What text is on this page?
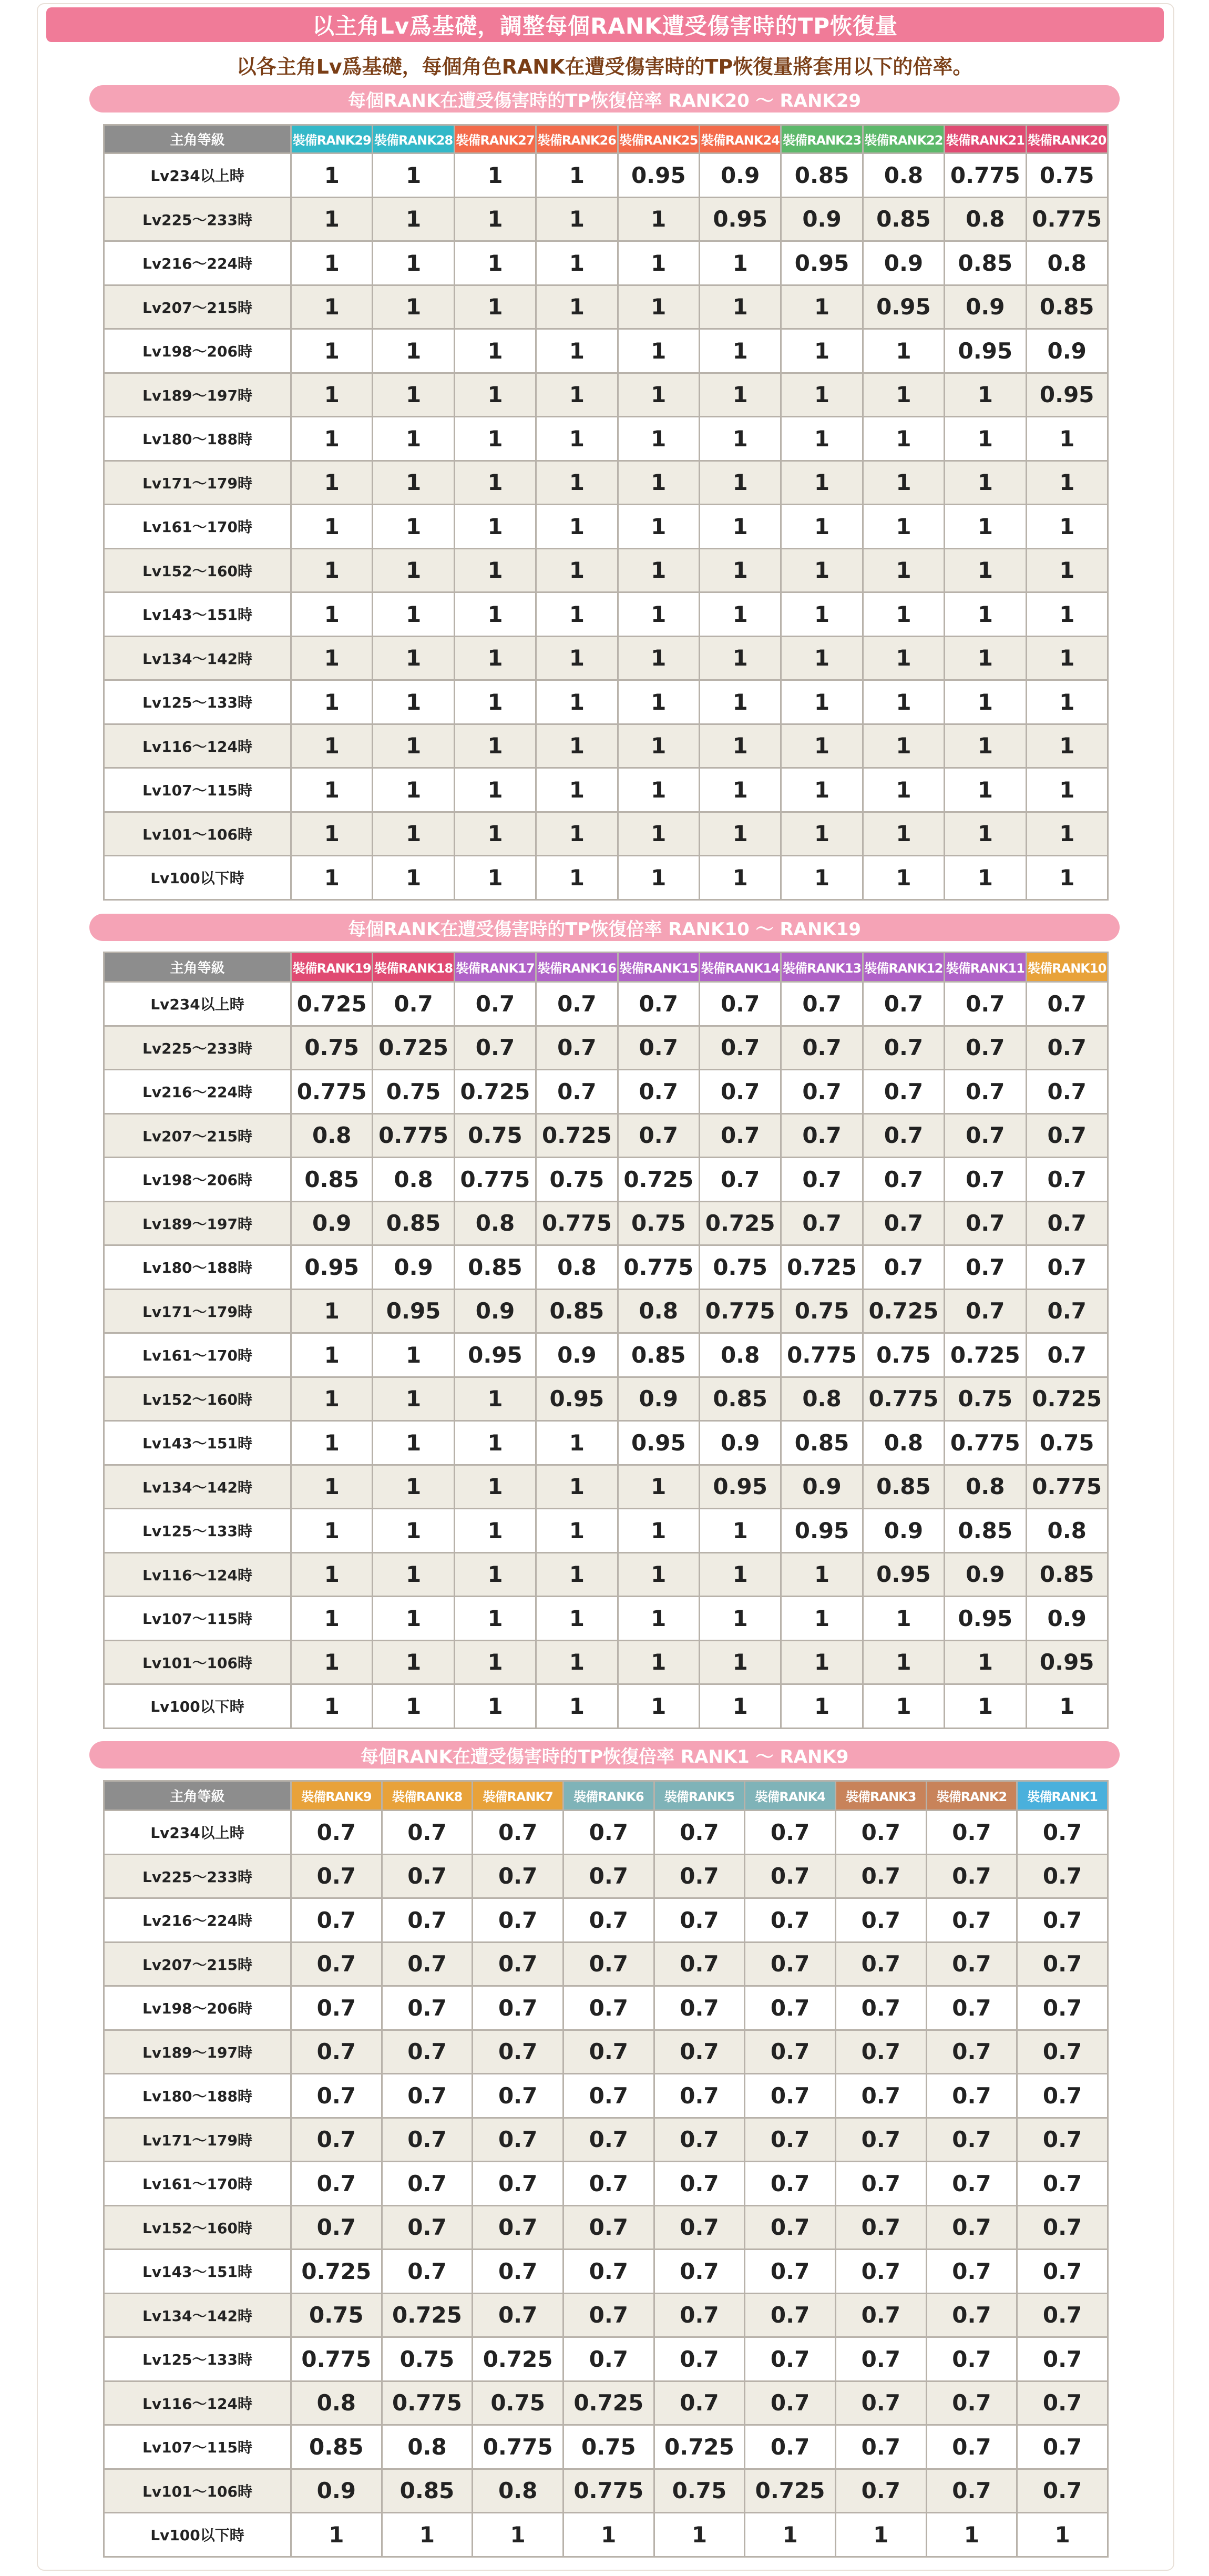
以主角Lv爲基礎，調整每個RANK遭受傷害時的TP恢復量
以各主角Lv爲基礎，每個角色RANK在遭受傷害時的TP恢復量將套用以下的倍率。
每個RANK在遭受傷害時的TP恢復倍率 RANK20 〜 RANK29
主角等級	裝備RANK29	裝備RANK28	裝備RANK27	裝備RANK26	裝備RANK25	裝備RANK24	裝備RANK23	裝備RANK22	裝備RANK21	裝備RANK20
Lv234以上時	1	1	1	1	0.95	0.9	0.85	0.8	0.775	0.75
Lv225〜233時	1	1	1	1	1	0.95	0.9	0.85	0.8	0.775
Lv216〜224時	1	1	1	1	1	1	0.95	0.9	0.85	0.8
Lv207〜215時	1	1	1	1	1	1	1	0.95	0.9	0.85
Lv198〜206時	1	1	1	1	1	1	1	1	0.95	0.9
Lv189〜197時	1	1	1	1	1	1	1	1	1	0.95
Lv180〜188時	1	1	1	1	1	1	1	1	1	1
Lv171〜179時	1	1	1	1	1	1	1	1	1	1
Lv161〜170時	1	1	1	1	1	1	1	1	1	1
Lv152〜160時	1	1	1	1	1	1	1	1	1	1
Lv143〜151時	1	1	1	1	1	1	1	1	1	1
Lv134〜142時	1	1	1	1	1	1	1	1	1	1
Lv125〜133時	1	1	1	1	1	1	1	1	1	1
Lv116〜124時	1	1	1	1	1	1	1	1	1	1
Lv107〜115時	1	1	1	1	1	1	1	1	1	1
Lv101〜106時	1	1	1	1	1	1	1	1	1	1
Lv100以下時	1	1	1	1	1	1	1	1	1	1
每個RANK在遭受傷害時的TP恢復倍率 RANK10 〜 RANK19
主角等級	裝備RANK19	裝備RANK18	裝備RANK17	裝備RANK16	裝備RANK15	裝備RANK14	裝備RANK13	裝備RANK12	裝備RANK11	裝備RANK10
Lv234以上時	0.725	0.7	0.7	0.7	0.7	0.7	0.7	0.7	0.7	0.7
Lv225〜233時	0.75	0.725	0.7	0.7	0.7	0.7	0.7	0.7	0.7	0.7
Lv216〜224時	0.775	0.75	0.725	0.7	0.7	0.7	0.7	0.7	0.7	0.7
Lv207〜215時	0.8	0.775	0.75	0.725	0.7	0.7	0.7	0.7	0.7	0.7
Lv198〜206時	0.85	0.8	0.775	0.75	0.725	0.7	0.7	0.7	0.7	0.7
Lv189〜197時	0.9	0.85	0.8	0.775	0.75	0.725	0.7	0.7	0.7	0.7
Lv180〜188時	0.95	0.9	0.85	0.8	0.775	0.75	0.725	0.7	0.7	0.7
Lv171〜179時	1	0.95	0.9	0.85	0.8	0.775	0.75	0.725	0.7	0.7
Lv161〜170時	1	1	0.95	0.9	0.85	0.8	0.775	0.75	0.725	0.7
Lv152〜160時	1	1	1	0.95	0.9	0.85	0.8	0.775	0.75	0.725
Lv143〜151時	1	1	1	1	0.95	0.9	0.85	0.8	0.775	0.75
Lv134〜142時	1	1	1	1	1	0.95	0.9	0.85	0.8	0.775
Lv125〜133時	1	1	1	1	1	1	0.95	0.9	0.85	0.8
Lv116〜124時	1	1	1	1	1	1	1	0.95	0.9	0.85
Lv107〜115時	1	1	1	1	1	1	1	1	0.95	0.9
Lv101〜106時	1	1	1	1	1	1	1	1	1	0.95
Lv100以下時	1	1	1	1	1	1	1	1	1	1
每個RANK在遭受傷害時的TP恢復倍率 RANK1 〜 RANK9
主角等級	裝備RANK9	裝備RANK8	裝備RANK7	裝備RANK6	裝備RANK5	裝備RANK4	裝備RANK3	裝備RANK2	裝備RANK1
Lv234以上時	0.7	0.7	0.7	0.7	0.7	0.7	0.7	0.7	0.7
Lv225〜233時	0.7	0.7	0.7	0.7	0.7	0.7	0.7	0.7	0.7
Lv216〜224時	0.7	0.7	0.7	0.7	0.7	0.7	0.7	0.7	0.7
Lv207〜215時	0.7	0.7	0.7	0.7	0.7	0.7	0.7	0.7	0.7
Lv198〜206時	0.7	0.7	0.7	0.7	0.7	0.7	0.7	0.7	0.7
Lv189〜197時	0.7	0.7	0.7	0.7	0.7	0.7	0.7	0.7	0.7
Lv180〜188時	0.7	0.7	0.7	0.7	0.7	0.7	0.7	0.7	0.7
Lv171〜179時	0.7	0.7	0.7	0.7	0.7	0.7	0.7	0.7	0.7
Lv161〜170時	0.7	0.7	0.7	0.7	0.7	0.7	0.7	0.7	0.7
Lv152〜160時	0.7	0.7	0.7	0.7	0.7	0.7	0.7	0.7	0.7
Lv143〜151時	0.725	0.7	0.7	0.7	0.7	0.7	0.7	0.7	0.7
Lv134〜142時	0.75	0.725	0.7	0.7	0.7	0.7	0.7	0.7	0.7
Lv125〜133時	0.775	0.75	0.725	0.7	0.7	0.7	0.7	0.7	0.7
Lv116〜124時	0.8	0.775	0.75	0.725	0.7	0.7	0.7	0.7	0.7
Lv107〜115時	0.85	0.8	0.775	0.75	0.725	0.7	0.7	0.7	0.7
Lv101〜106時	0.9	0.85	0.8	0.775	0.75	0.725	0.7	0.7	0.7
Lv100以下時	1	1	1	1	1	1	1	1	1
